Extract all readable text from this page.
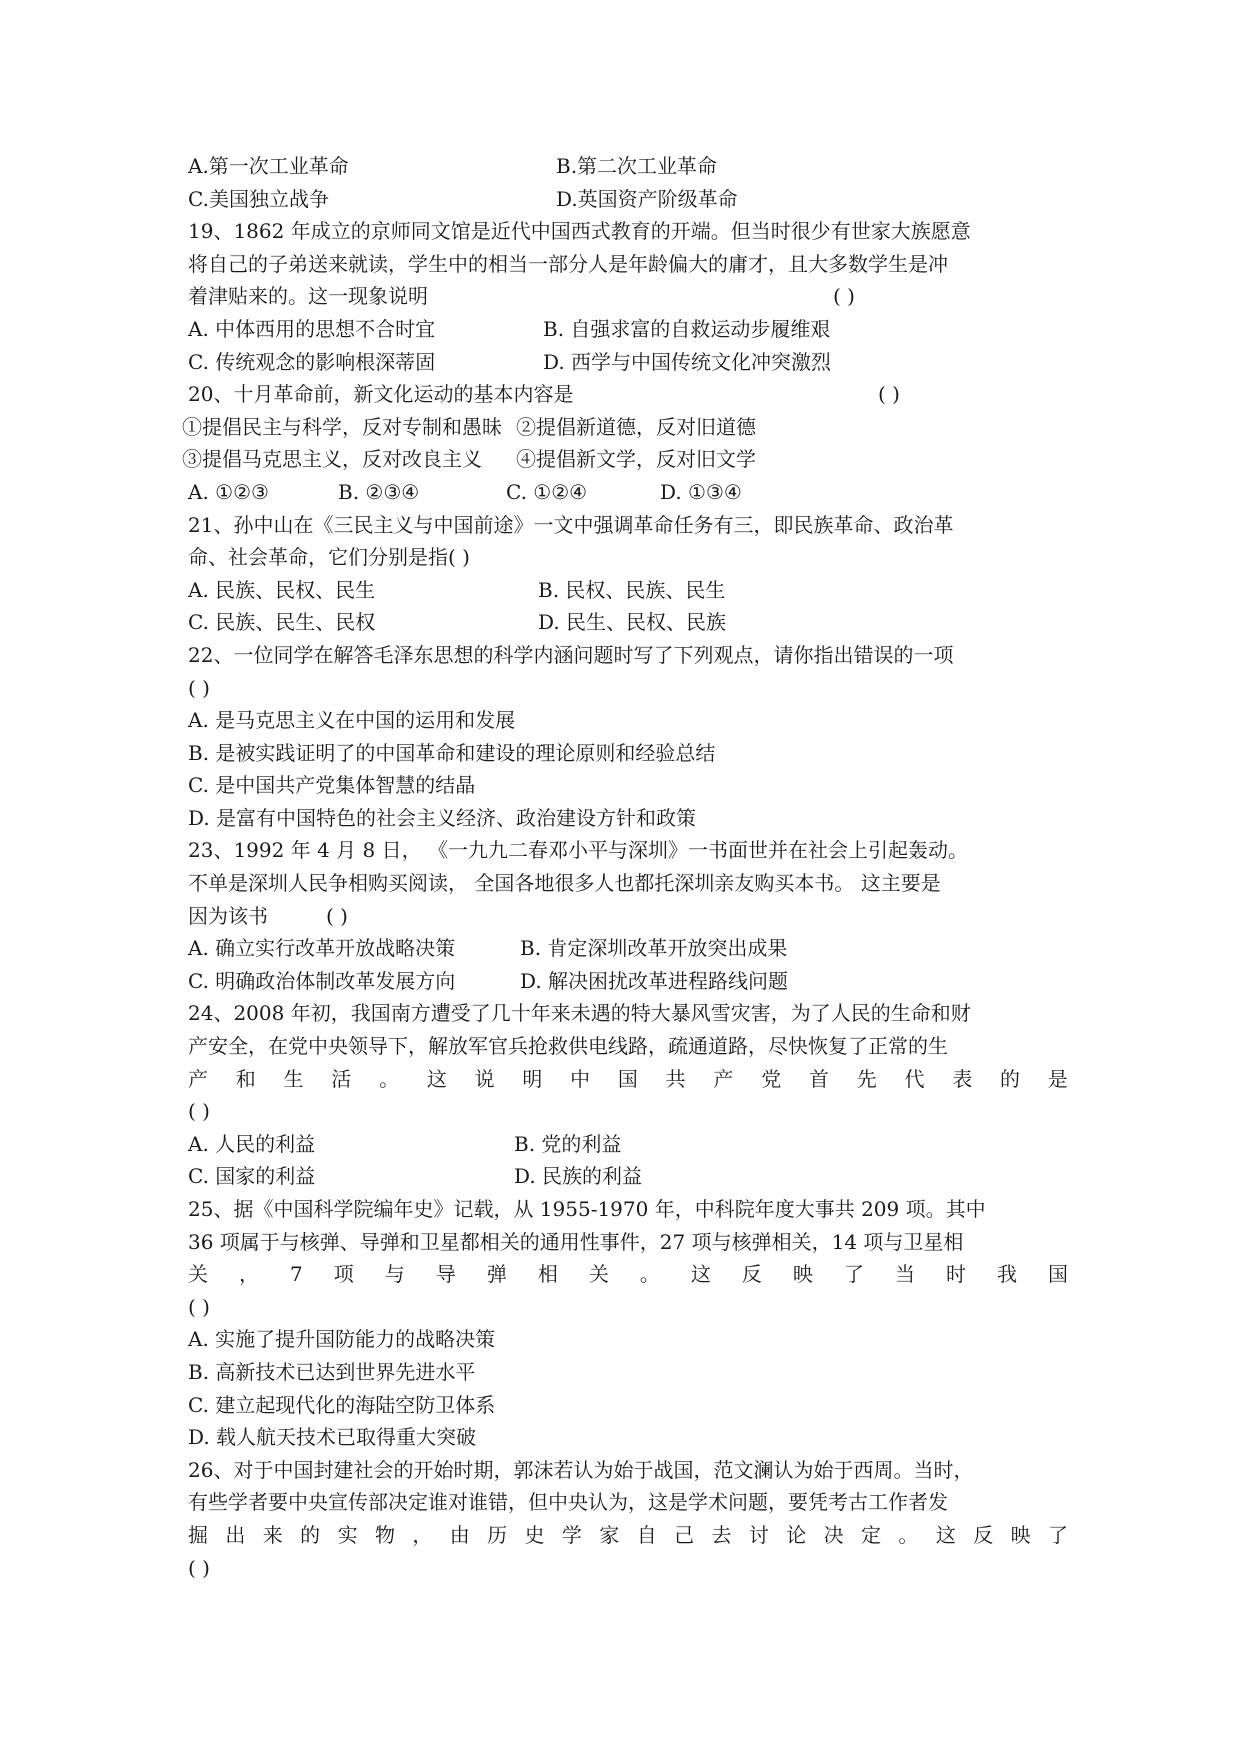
A.第一次工业革命	B.第二次工业革命
C.美国独立战争	D.英国资产阶级革命
19、1862 年成立的京师同文馆是近代中国西式教育的开端。但当时很少有世家大族愿意
将自己的子弟送来就读，学生中的相当一部分人是年龄偏大的庸才，且大多数学生是冲
着津贴来的。这一现象说明	( )
A. 中体西用的思想不合时宜	B. 自强求富的自救运动步履维艰
C. 传统观念的影响根深蒂固	D. 西学与中国传统文化冲突激烈
20、十月革命前，新文化运动的基本内容是	( )
①提倡民主与科学，反对专制和愚昧 ②提倡新道德，反对旧道德
③提倡马克思主义，反对改良主义 ④提倡新文学，反对旧文学
A. ①②③	B. ②③④	C. ①②④	D. ①③④
21、孙中山在《三民主义与中国前途》一文中强调革命任务有三，即民族革命、政治革
命、社会革命，它们分别是指( )
A. 民族、民权、民生	B. 民权、民族、民生
C. 民族、民生、民权	D. 民生、民权、民族
22、一位同学在解答毛泽东思想的科学内涵问题时写了下列观点，请你指出错误的一项
( )
A. 是马克思主义在中国的运用和发展
B. 是被实践证明了的中国革命和建设的理论原则和经验总结
C. 是中国共产党集体智慧的结晶
D. 是富有中国特色的社会主义经济、政治建设方针和政策
23、1992 年 4 月 8 日， 《一九九二春邓小平与深圳》一书面世并在社会上引起轰动。
不单是深圳人民争相购买阅读， 全国各地很多人也都托深圳亲友购买本书。 这主要是
因为该书	( )
A. 确立实行改革开放战略决策	B. 肯定深圳改革开放突出成果
C. 明确政治体制改革发展方向	D. 解决困扰改革进程路线问题
24、2008 年初，我国南方遭受了几十年来未遇的特大暴风雪灾害，为了人民的生命和财
产安全，在党中央领导下，解放军官兵抢救供电线路，疏通道路，尽快恢复了正常的生
产 和 生 活 。 这 说 明 中 国 共 产 党 首 先 代 表 的 是
( )
A. 人民的利益	B. 党的利益
C. 国家的利益	D. 民族的利益
25、据《中国科学院编年史》记载，从 1955-1970 年，中科院年度大事共 209 项。其中
36 项属于与核弹、导弹和卫星都相关的通用性事件，27 项与核弹相关，14 项与卫星相
关 ， 7 项 与 导 弹 相 关 。 这 反 映 了 当 时 我 国
( )
A. 实施了提升国防能力的战略决策
B. 高新技术已达到世界先进水平
C. 建立起现代化的海陆空防卫体系
D. 载人航天技术已取得重大突破
26、对于中国封建社会的开始时期，郭沫若认为始于战国，范文澜认为始于西周。当时，
有些学者要中央宣传部决定谁对谁错，但中央认为，这是学术问题，要凭考古工作者发
掘 出 来 的 实 物 ， 由 历 史 学 家 自 己 去 讨 论 决 定 。 这 反 映 了
( )
